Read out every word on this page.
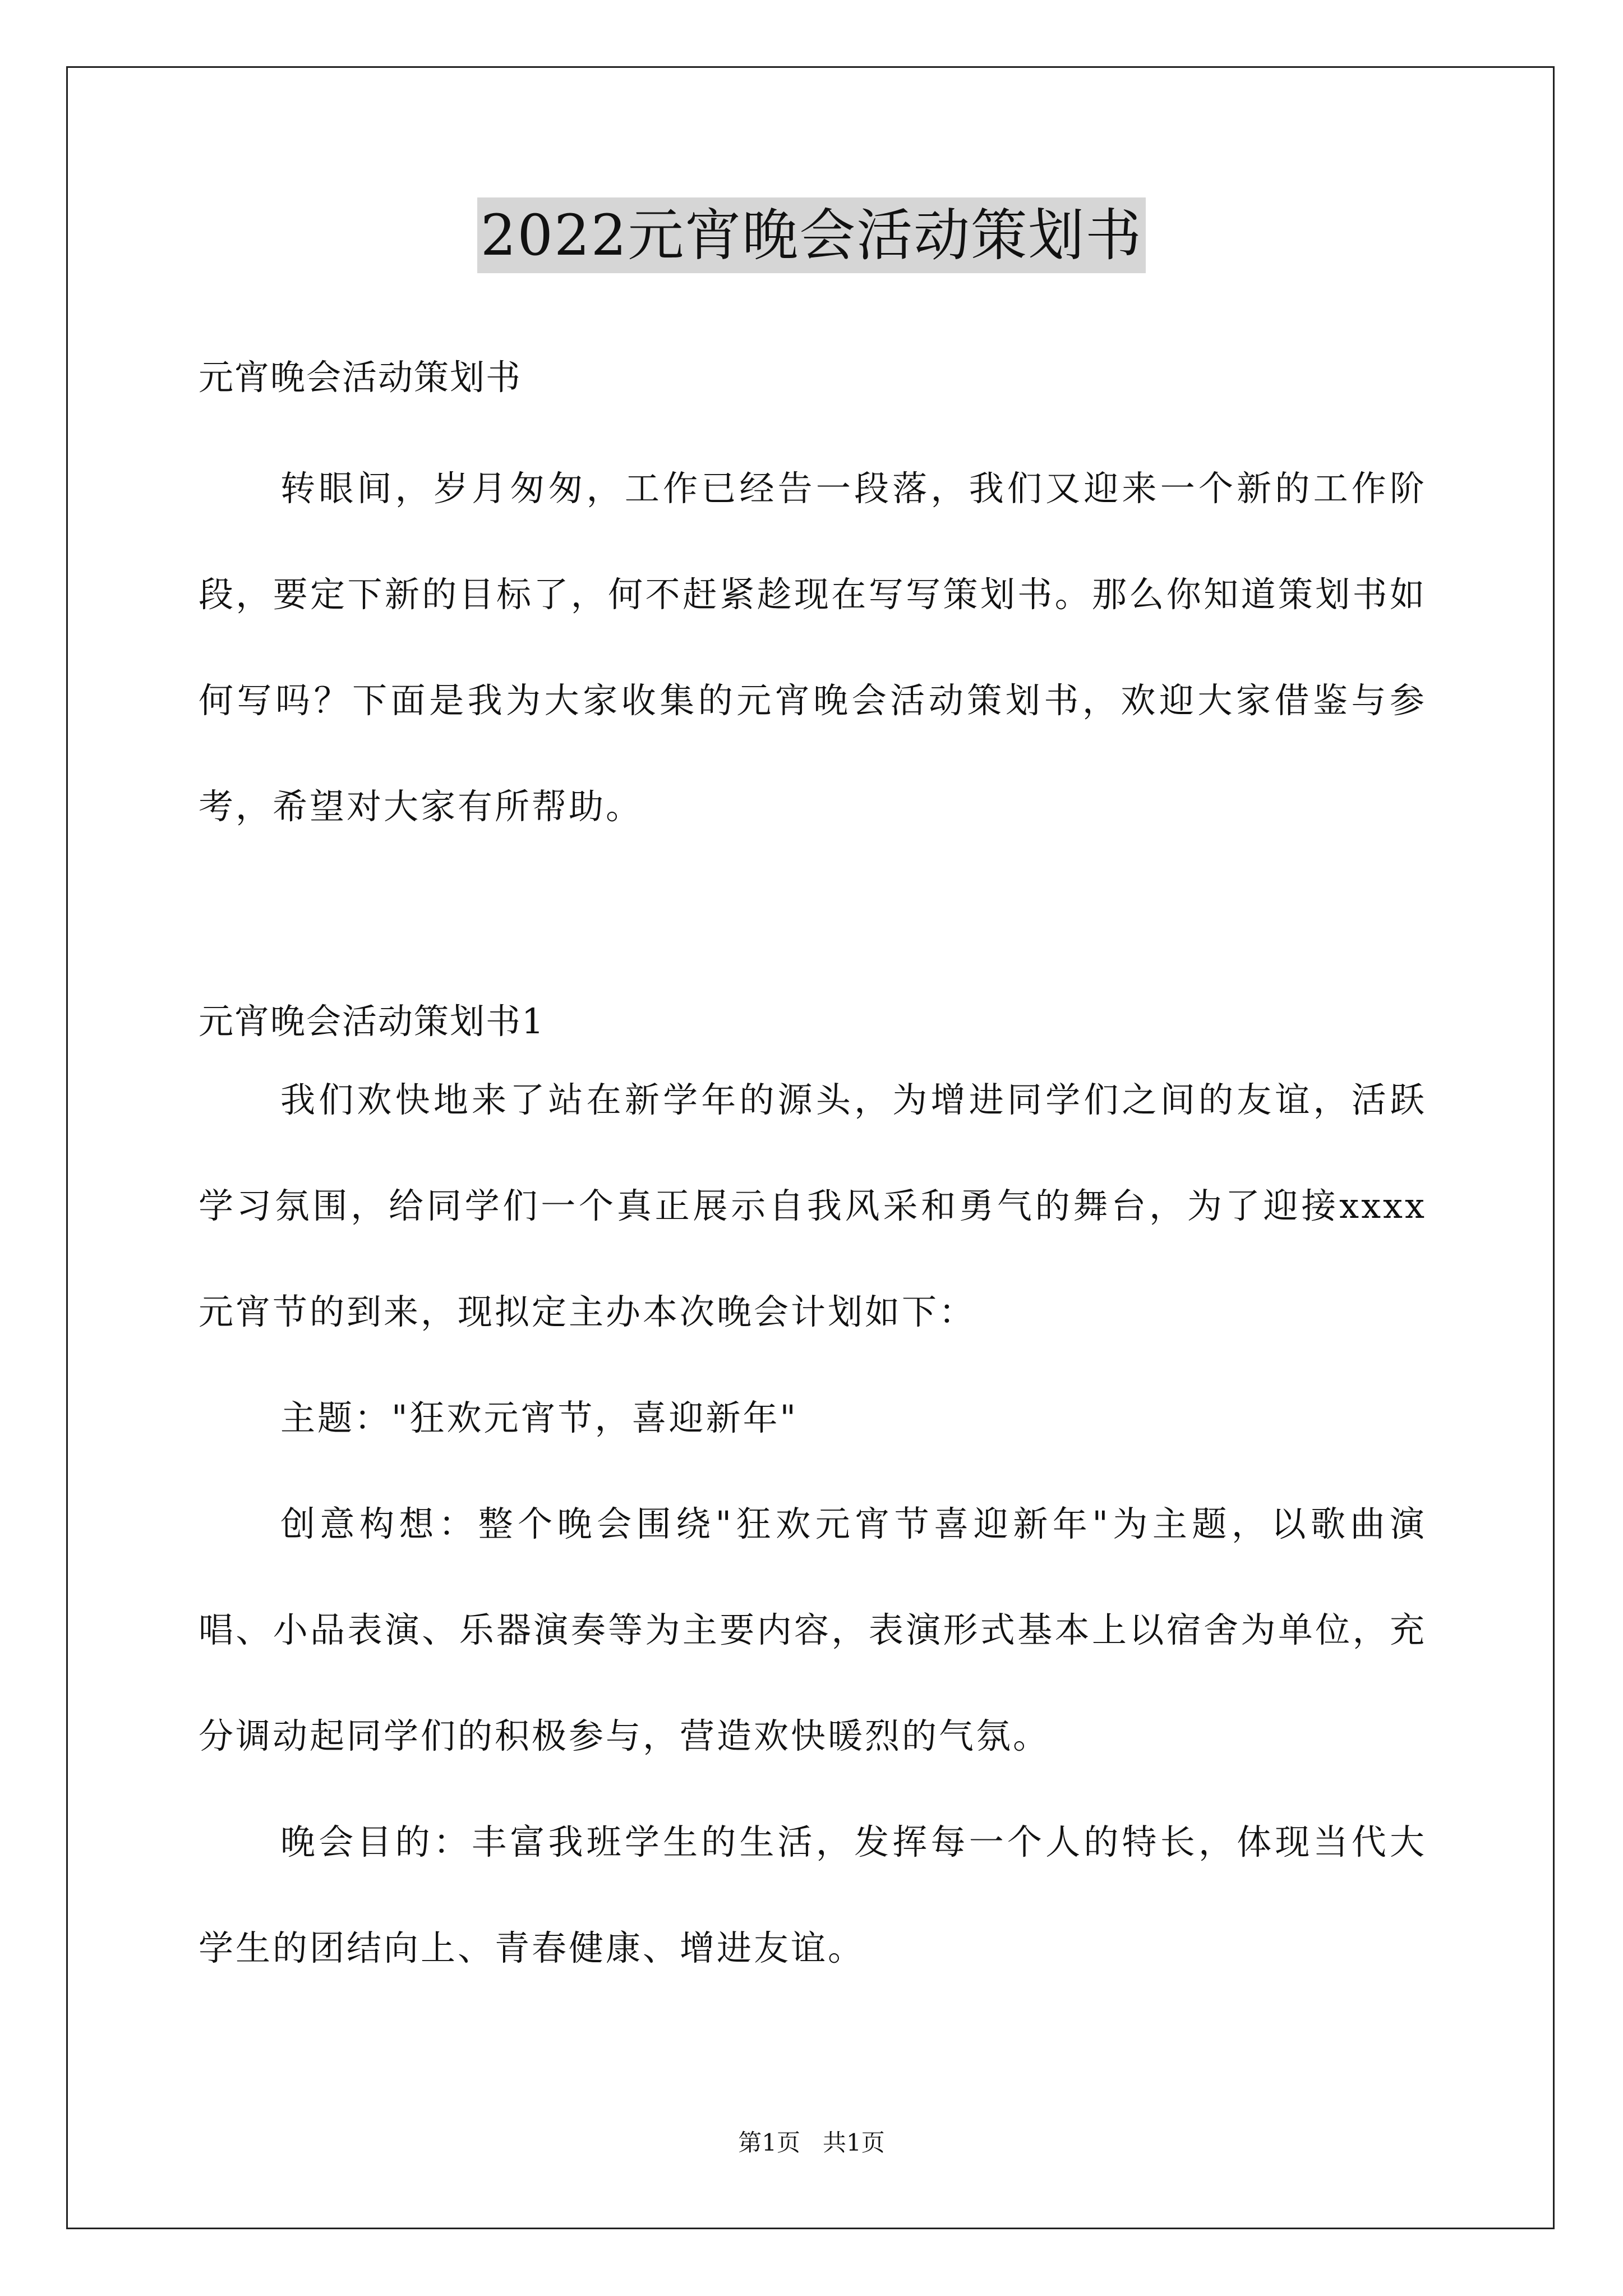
2022元宵晚会活动策划书

元宵晚会活动策划书

转眼间，岁月匆匆，工作已经告一段落，我们又迎来一个新的工作阶段，要定下新的目标了，何不赶紧趁现在写写策划书。那么你知道策划书如何写吗？下面是我为大家收集的元宵晚会活动策划书，欢迎大家借鉴与参考，希望对大家有所帮助。

元宵晚会活动策划书1

我们欢快地来了站在新学年的源头，为增进同学们之间的友谊，活跃学习氛围，给同学们一个真正展示自我风采和勇气的舞台，为了迎接xxxx元宵节的到来，现拟定主办本次晚会计划如下：

主题："狂欢元宵节，喜迎新年"

创意构想：整个晚会围绕"狂欢元宵节喜迎新年"为主题，以歌曲演唱、小品表演、乐器演奏等为主要内容，表演形式基本上以宿舍为单位，充分调动起同学们的积极参与，营造欢快暖烈的气氛。

晚会目的：丰富我班学生的生活，发挥每一个人的特长，体现当代大学生的团结向上、青春健康、增进友谊。

第1页 共1页
